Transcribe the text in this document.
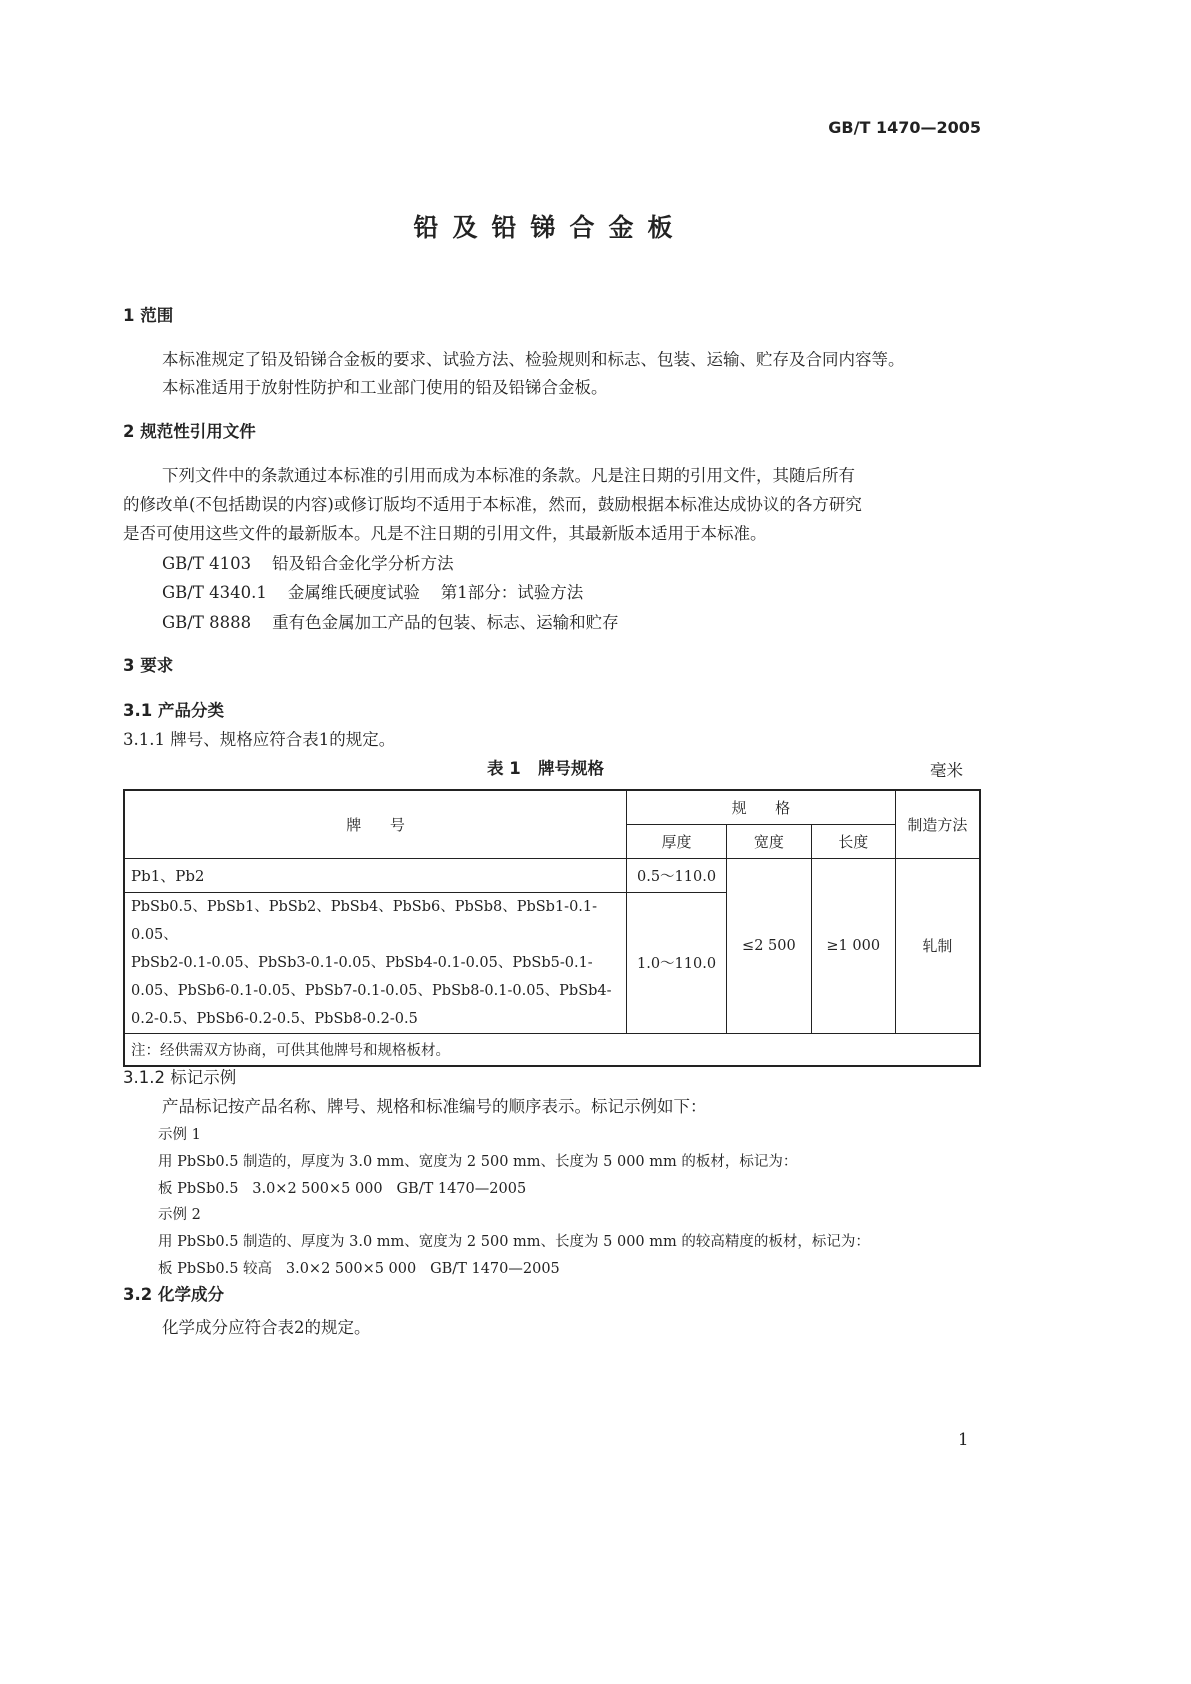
GB/T 1470—2005
铅及铅锑合金板
1 范围
本标准规定了铅及铅锑合金板的要求、试验方法、检验规则和标志、包装、运输、贮存及合同内容等。
本标准适用于放射性防护和工业部门使用的铅及铅锑合金板。
2 规范性引用文件
下列文件中的条款通过本标准的引用而成为本标准的条款。凡是注日期的引用文件，其随后所有
的修改单(不包括勘误的内容)或修订版均不适用于本标准，然而，鼓励根据本标准达成协议的各方研究
是否可使用这些文件的最新版本。凡是不注日期的引用文件，其最新版本适用于本标准。
GB/T 4103    铅及铅合金化学分析方法
GB/T 4340.1    金属维氏硬度试验    第1部分：试验方法
GB/T 8888    重有色金属加工产品的包装、标志、运输和贮存
3 要求
3.1 产品分类
3.1.1 牌号、规格应符合表1的规定。
表 1   牌号规格	毫米
牌      号	规      格			制造方法
	厚度	宽度	长度	
Pb1、Pb2	0.5～110.0	≤2 500	≥1 000	轧制

PbSb0.5、PbSb1、PbSb2、PbSb4、PbSb6、PbSb8、PbSb1-0.1-0.05、
PbSb2-0.1-0.05、PbSb3-0.1-0.05、PbSb4-0.1-0.05、PbSb5-0.1-
0.05、PbSb6-0.1-0.05、PbSb7-0.1-0.05、PbSb8-0.1-0.05、PbSb4-
0.2-0.5、PbSb6-0.2-0.5、PbSb8-0.2-0.5	1.0～110.0			
注：经供需双方协商，可供其他牌号和规格板材。				
3.1.2 标记示例
产品标记按产品名称、牌号、规格和标准编号的顺序表示。标记示例如下：
示例 1
用 PbSb0.5 制造的，厚度为 3.0 mm、宽度为 2 500 mm、长度为 5 000 mm 的板材，标记为：
板 PbSb0.5   3.0×2 500×5 000   GB/T 1470—2005
示例 2
用 PbSb0.5 制造的、厚度为 3.0 mm、宽度为 2 500 mm、长度为 5 000 mm 的较高精度的板材，标记为：
板 PbSb0.5 较高   3.0×2 500×5 000   GB/T 1470—2005
3.2 化学成分
化学成分应符合表2的规定。
1
